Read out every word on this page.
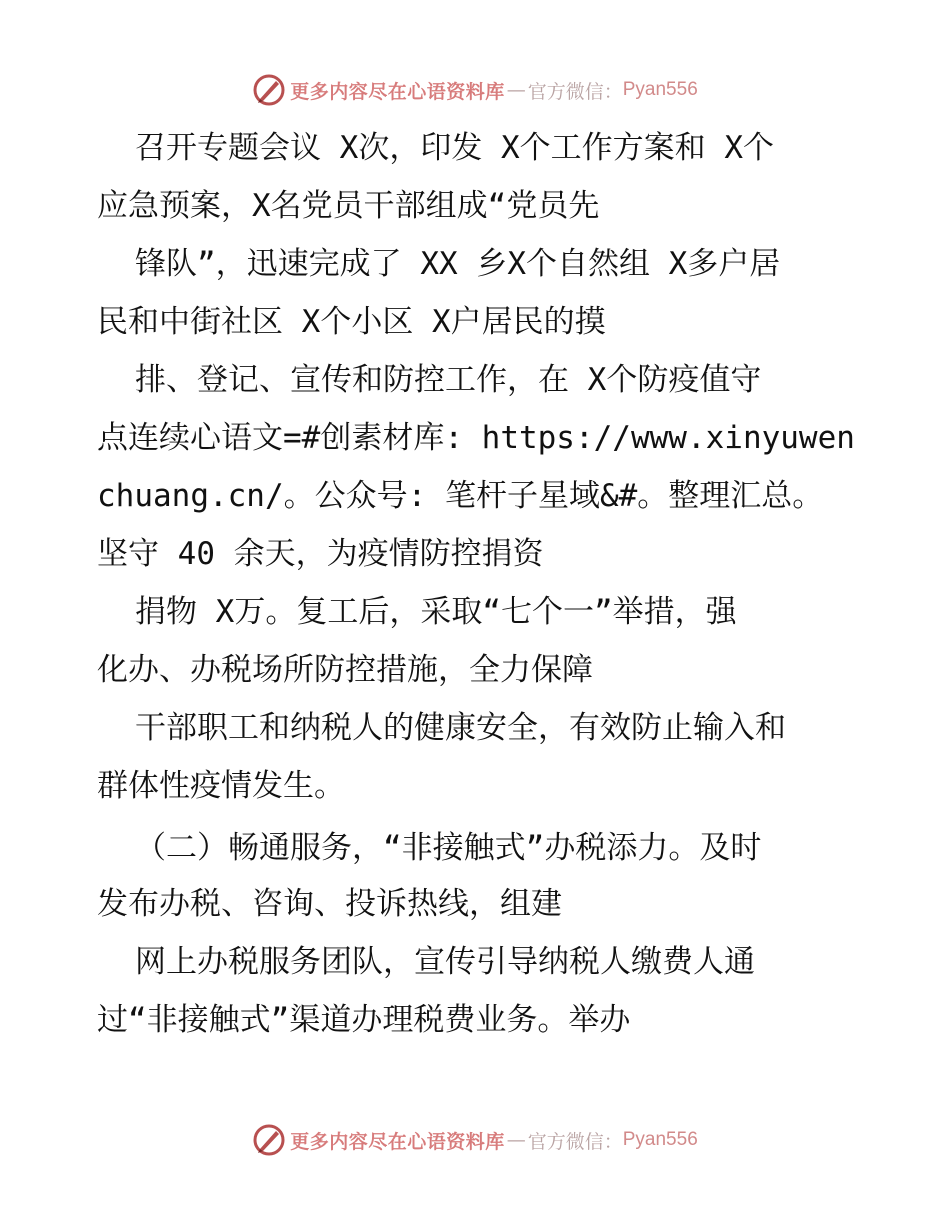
更多内容尽在心语资料库 — 官方微信： Pyan556
召开专题会议 X次，印发 X个工作方案和 X个
应急预案，X名党员干部组成“党员先
锋队”，迅速完成了 XX 乡X个自然组 X多户居
民和中街社区 X个小区 X户居民的摸
排、登记、宣传和防控工作，在 X个防疫值守
点连续心语文=#创素材库: https://www.xinyuwen
chuang.cn/。公众号: 笔杆子星域&#。整理汇总。
坚守 40 余天，为疫情防控捐资
捐物 X万。复工后，采取“七个一”举措，强
化办、办税场所防控措施，全力保障
干部职工和纳税人的健康安全，有效防止输入和
群体性疫情发生。
（二）畅通服务，“非接触式”办税添力。及时
发布办税、咨询、投诉热线，组建
网上办税服务团队，宣传引导纳税人缴费人通
过“非接触式”渠道办理税费业务。举办
更多内容尽在心语资料库 — 官方微信： Pyan556
